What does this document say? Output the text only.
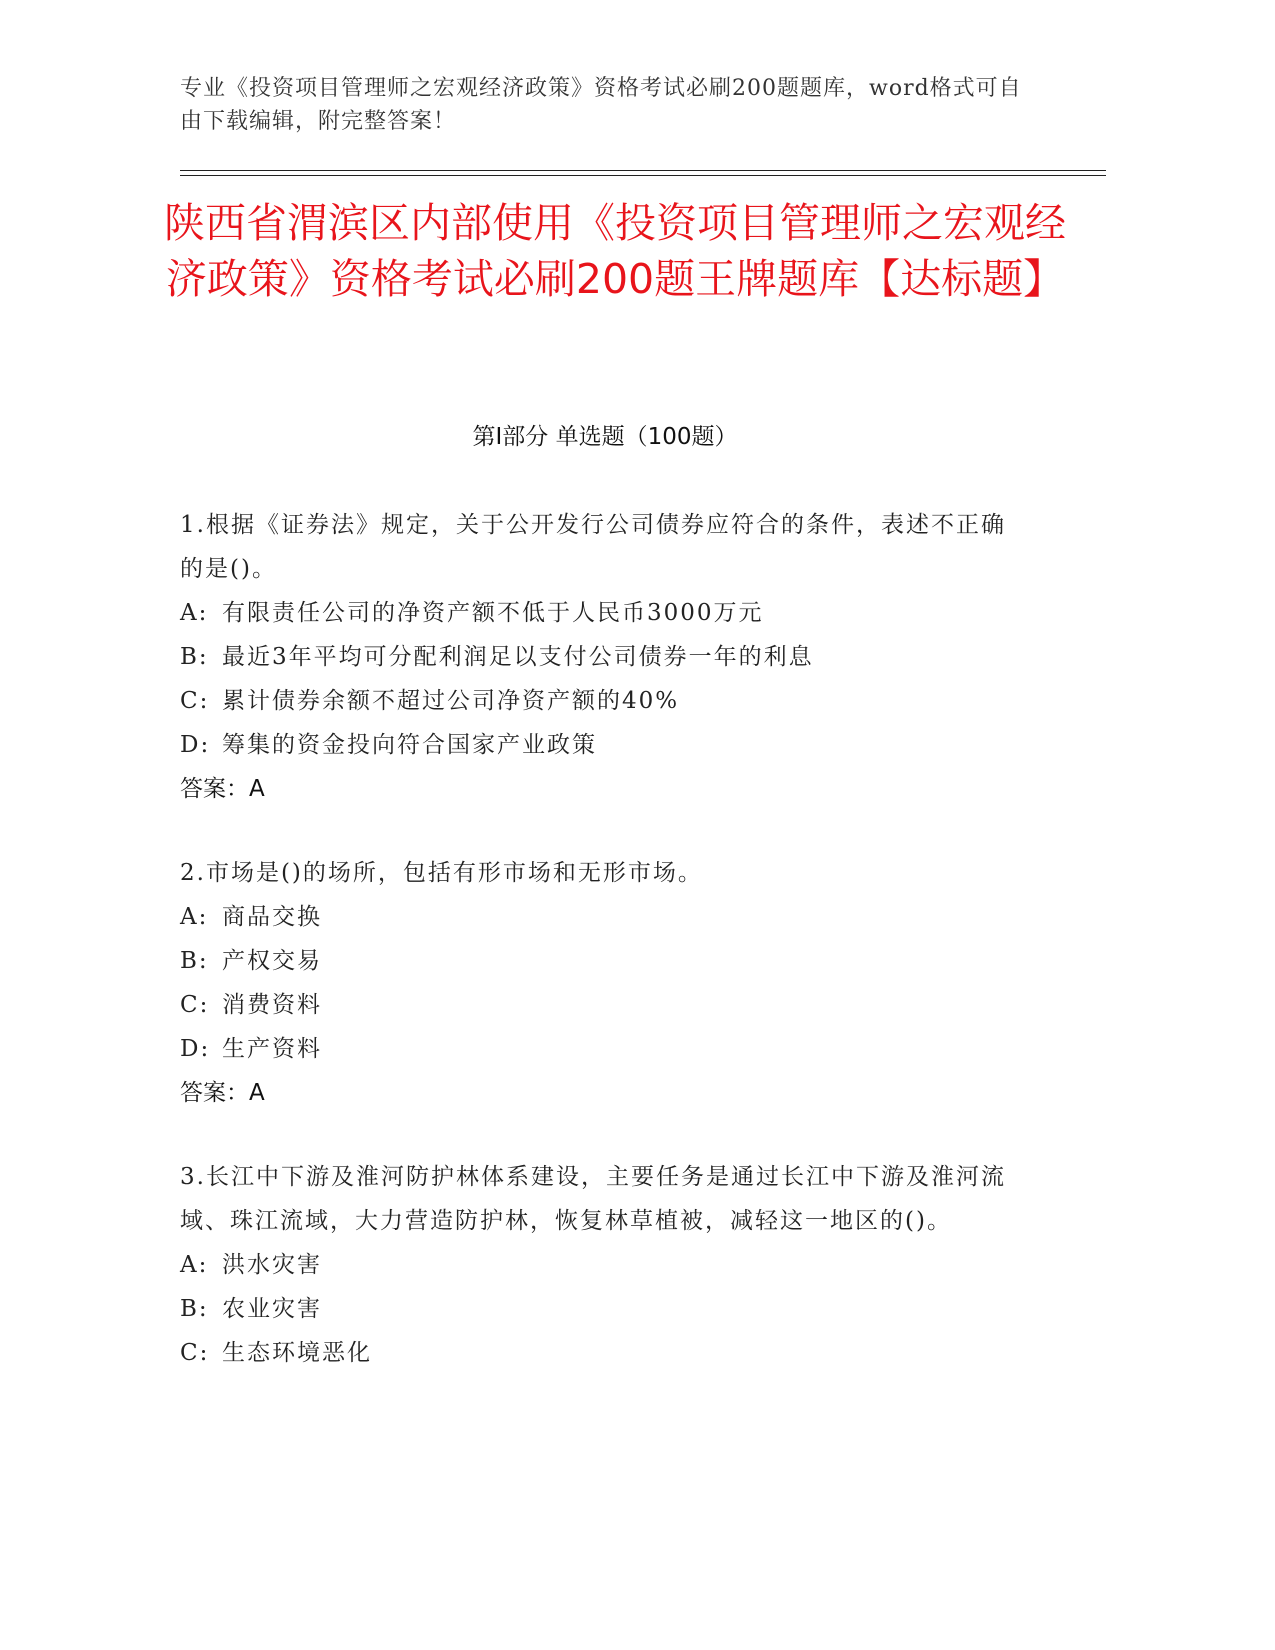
专业《投资项目管理师之宏观经济政策》资格考试必刷200题题库，word格式可自由下载编辑，附完整答案！
陕西省渭滨区内部使用《投资项目管理师之宏观经济政策》资格考试必刷200题王牌题库【达标题】
第I部分 单选题（100题）
1.根据《证券法》规定，关于公开发行公司债券应符合的条件，表述不正确的是()。
A: 有限责任公司的净资产额不低于人民币3000万元
B: 最近3年平均可分配利润足以支付公司债券一年的利息
C: 累计债券余额不超过公司净资产额的40%
D: 筹集的资金投向符合国家产业政策
答案：A
2.市场是()的场所，包括有形市场和无形市场。
A: 商品交换
B: 产权交易
C: 消费资料
D: 生产资料
答案：A
3.长江中下游及淮河防护林体系建设，主要任务是通过长江中下游及淮河流域、珠江流域，大力营造防护林，恢复林草植被，减轻这一地区的()。
A: 洪水灾害
B: 农业灾害
C: 生态环境恶化
